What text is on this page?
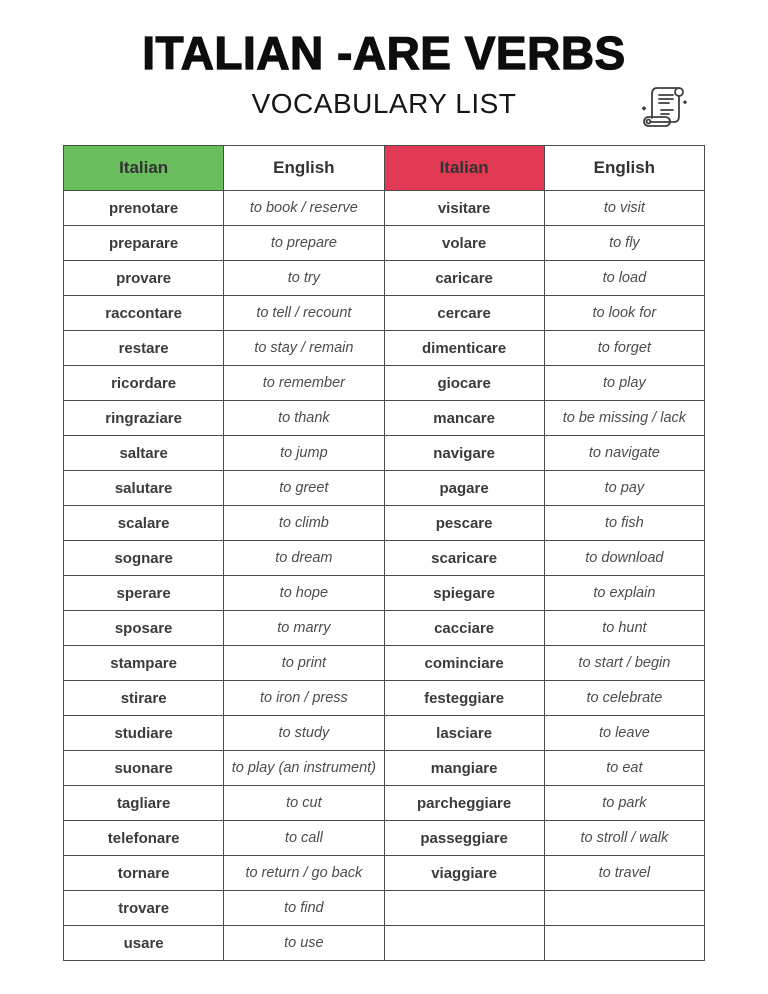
ITALIAN -ARE VERBS
VOCABULARY LIST
Italian	English	Italian	English
prenotare	to book / reserve	visitare	to visit
preparare	to prepare	volare	to fly
provare	to try	caricare	to load
raccontare	to tell / recount	cercare	to look for
restare	to stay / remain	dimenticare	to forget
ricordare	to remember	giocare	to play
ringraziare	to thank	mancare	to be missing / lack
saltare	to jump	navigare	to navigate
salutare	to greet	pagare	to pay
scalare	to climb	pescare	to fish
sognare	to dream	scaricare	to download
sperare	to hope	spiegare	to explain
sposare	to marry	cacciare	to hunt
stampare	to print	cominciare	to start / begin
stirare	to iron / press	festeggiare	to celebrate
studiare	to study	lasciare	to leave
suonare	to play (an instrument)	mangiare	to eat
tagliare	to cut	parcheggiare	to park
telefonare	to call	passeggiare	to stroll / walk
tornare	to return / go back	viaggiare	to travel
trovare	to find		
usare	to use		
